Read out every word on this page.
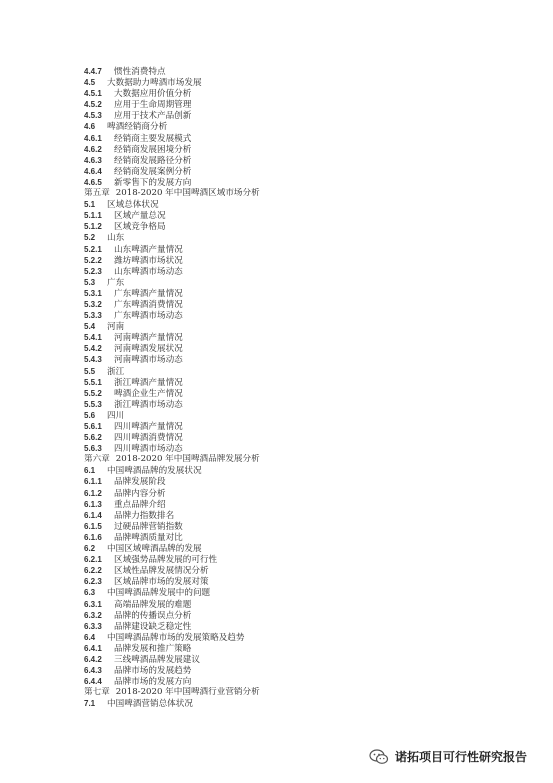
4.4.7 惯性消费特点
4.5 大数据助力啤酒市场发展
4.5.1 大数据应用价值分析
4.5.2 应用于生命周期管理
4.5.3 应用于技术产品创新
4.6 啤酒经销商分析
4.6.1 经销商主要发展模式
4.6.2 经销商发展困境分析
4.6.3 经销商发展路径分析
4.6.4 经销商发展案例分析
4.6.5 新零售下的发展方向
第五章 2018-2020 年中国啤酒区域市场分析
5.1 区域总体状况
5.1.1 区域产量总况
5.1.2 区域竞争格局
5.2 山东
5.2.1 山东啤酒产量情况
5.2.2 潍坊啤酒市场状况
5.2.3 山东啤酒市场动态
5.3 广东
5.3.1 广东啤酒产量情况
5.3.2 广东啤酒消费情况
5.3.3 广东啤酒市场动态
5.4 河南
5.4.1 河南啤酒产量情况
5.4.2 河南啤酒发展状况
5.4.3 河南啤酒市场动态
5.5 浙江
5.5.1 浙江啤酒产量情况
5.5.2 啤酒企业生产情况
5.5.3 浙江啤酒市场动态
5.6 四川
5.6.1 四川啤酒产量情况
5.6.2 四川啤酒消费情况
5.6.3 四川啤酒市场动态
第六章 2018-2020 年中国啤酒品牌发展分析
6.1 中国啤酒品牌的发展状况
6.1.1 品牌发展阶段
6.1.2 品牌内容分析
6.1.3 重点品牌介绍
6.1.4 品牌力指数排名
6.1.5 过硬品牌营销指数
6.1.6 品牌啤酒质量对比
6.2 中国区域啤酒品牌的发展
6.2.1 区域强势品牌发展的可行性
6.2.2 区域性品牌发展情况分析
6.2.3 区域品牌市场的发展对策
6.3 中国啤酒品牌发展中的问题
6.3.1 高端品牌发展的难题
6.3.2 品牌的传播误点分析
6.3.3 品牌建设缺乏稳定性
6.4 中国啤酒品牌市场的发展策略及趋势
6.4.1 品牌发展和推广策略
6.4.2 三线啤酒品牌发展建议
6.4.3 品牌市场的发展趋势
6.4.4 品牌市场的发展方向
第七章 2018-2020 年中国啤酒行业营销分析
7.1 中国啤酒营销总体状况
诺拓项目可行性研究报告
